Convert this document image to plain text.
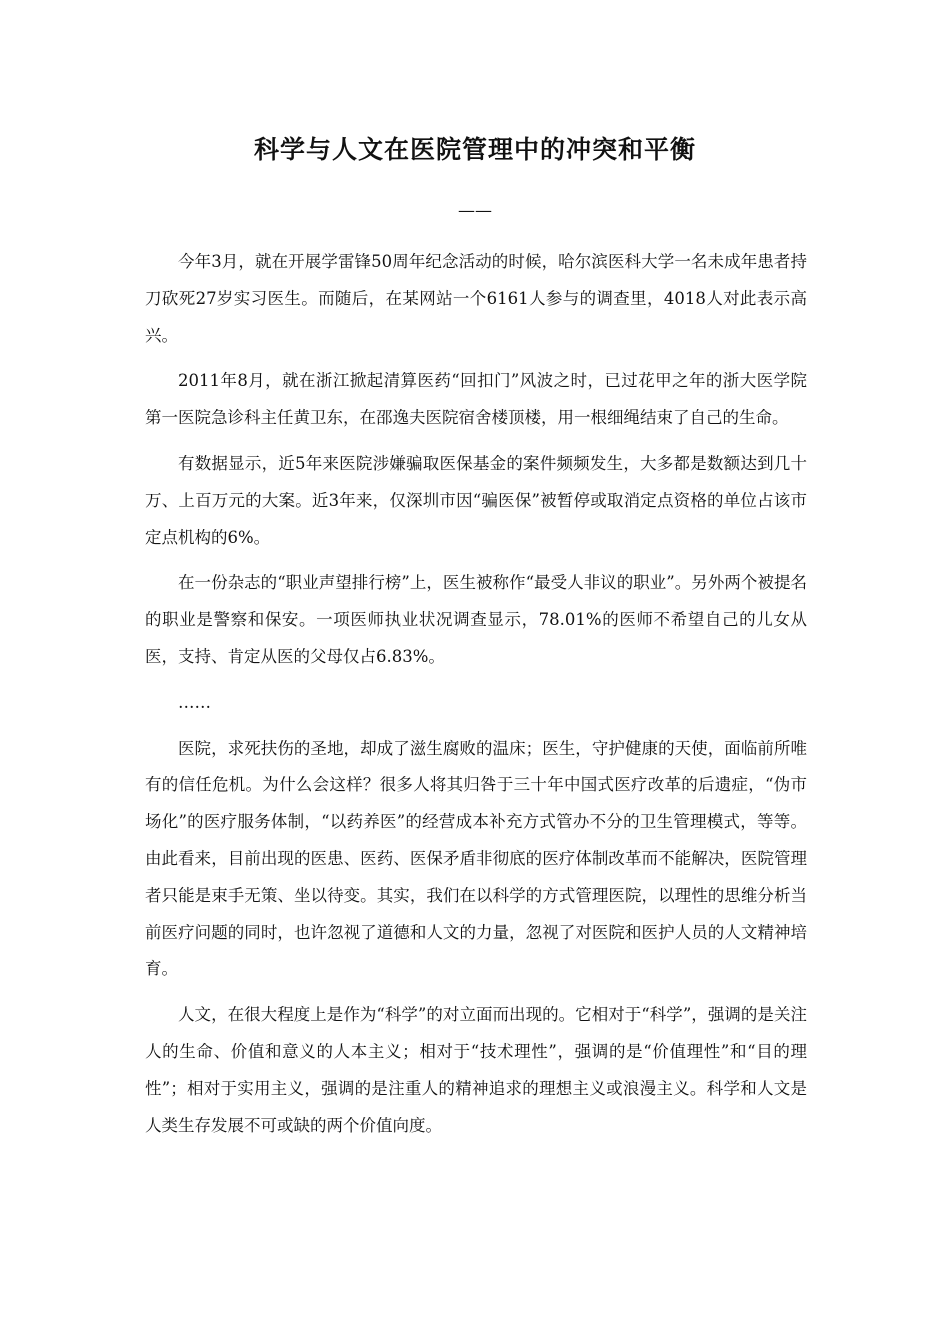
科学与人文在医院管理中的冲突和平衡
——

今年3月，就在开展学雷锋50周年纪念活动的时候，哈尔滨医科大学一名未成年患者持刀砍死27岁实习医生。而随后，在某网站一个6161人参与的调查里，4018人对此表示高兴。

2011年8月，就在浙江掀起清算医药“回扣门”风波之时，已过花甲之年的浙大医学院第一医院急诊科主任黄卫东，在邵逸夫医院宿舍楼顶楼，用一根细绳结束了自己的生命。

有数据显示，近5年来医院涉嫌骗取医保基金的案件频频发生，大多都是数额达到几十万、上百万元的大案。近3年来，仅深圳市因“骗医保”被暂停或取消定点资格的单位占该市定点机构的6%。

在一份杂志的“职业声望排行榜”上，医生被称作“最受人非议的职业”。另外两个被提名的职业是警察和保安。一项医师执业状况调查显示，78.01%的医师不希望自己的儿女从医，支持、肯定从医的父母仅占6.83%。

……

医院，求死扶伤的圣地，却成了滋生腐败的温床；医生，守护健康的天使，面临前所唯有的信任危机。为什么会这样？很多人将其归咎于三十年中国式医疗改革的后遗症，“伪市场化”的医疗服务体制，“以药养医”的经营成本补充方式管办不分的卫生管理模式，等等。由此看来，目前出现的医患、医药、医保矛盾非彻底的医疗体制改革而不能解决，医院管理者只能是束手无策、坐以待变。其实，我们在以科学的方式管理医院，以理性的思维分析当前医疗问题的同时，也许忽视了道德和人文的力量，忽视了对医院和医护人员的人文精神培育。

人文，在很大程度上是作为“科学”的对立面而出现的。它相对于“科学”，强调的是关注人的生命、价值和意义的人本主义；相对于“技术理性”，强调的是“价值理性”和“目的理性”；相对于实用主义，强调的是注重人的精神追求的理想主义或浪漫主义。科学和人文是人类生存发展不可或缺的两个价值向度。
